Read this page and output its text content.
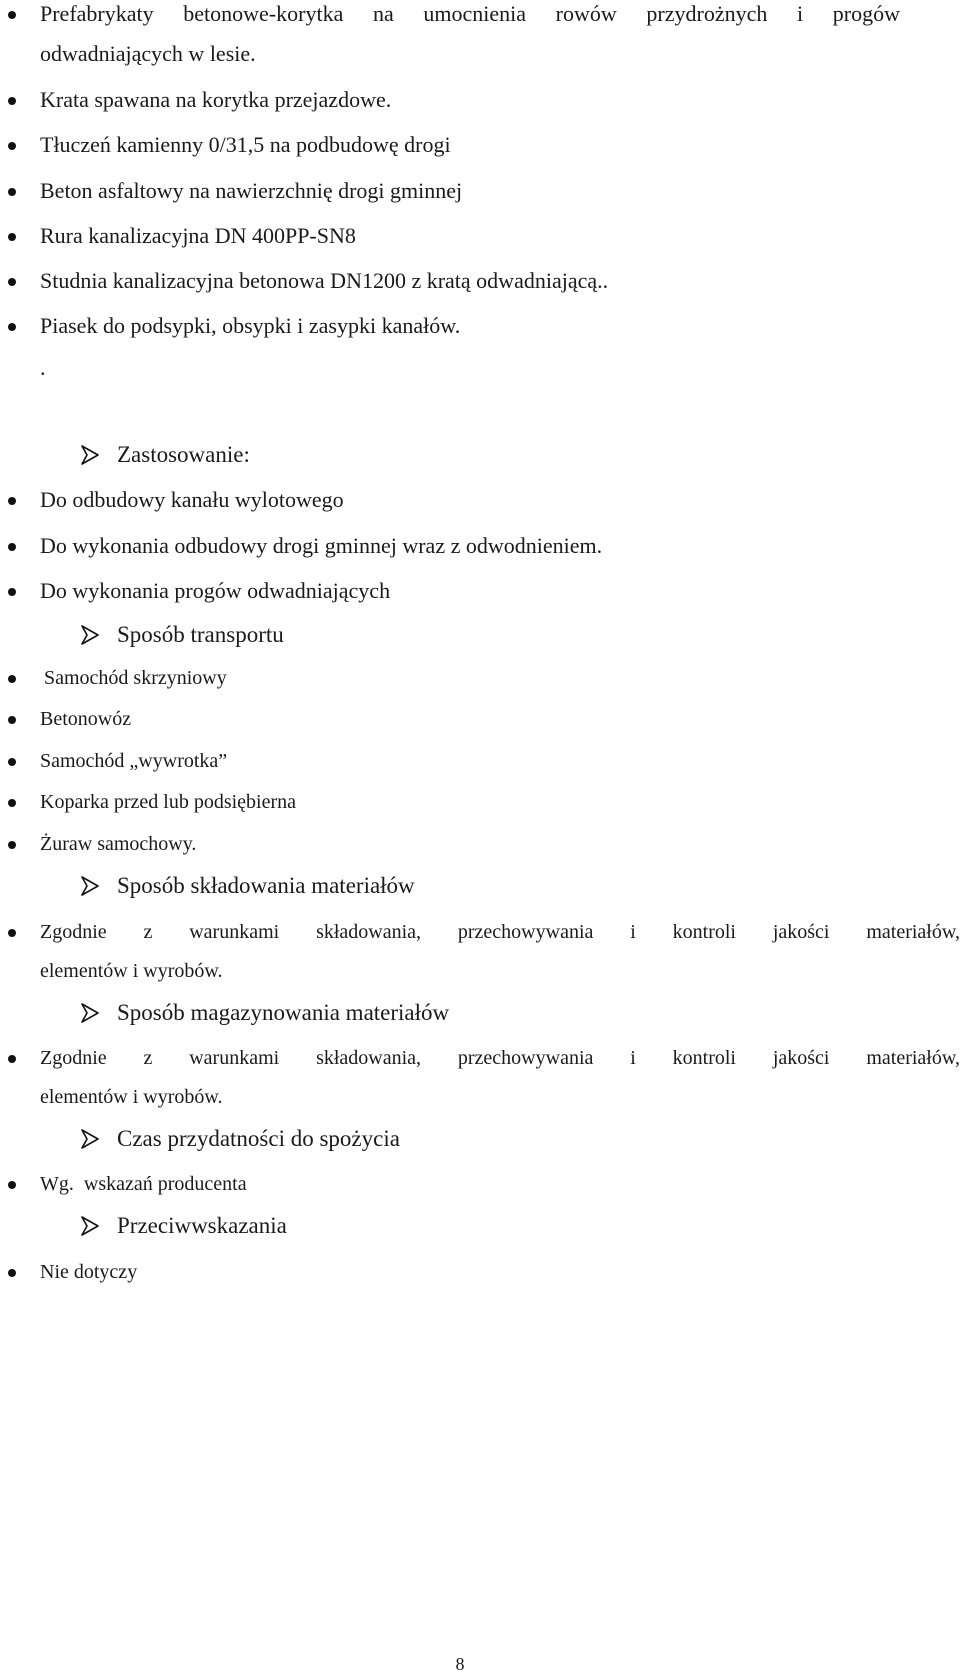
Prefabrykaty betonowe-korytka na umocnienia rowów przydrożnych i progów
odwadniających w lesie.
Krata spawana na korytka przejazdowe.
Tłuczeń kamienny 0/31,5 na podbudowę drogi
Beton asfaltowy na nawierzchnię drogi gminnej
Rura kanalizacyjna DN 400PP-SN8
Studnia kanalizacyjna betonowa DN1200 z kratą odwadniającą..
Piasek do podsypki, obsypki i zasypki kanałów.
.
Zastosowanie:
Do odbudowy kanału wylotowego
Do wykonania odbudowy drogi gminnej wraz z odwodnieniem.
Do wykonania progów odwadniających
Sposób transportu
Samochód skrzyniowy
Betonowóz
Samochód „wywrotka”
Koparka przed lub podsiębierna
Żuraw samochowy.
Sposób składowania materiałów
Zgodnie z warunkami składowania, przechowywania i kontroli jakości materiałów,
elementów i wyrobów.
Sposób magazynowania materiałów
Zgodnie z warunkami składowania, przechowywania i kontroli jakości materiałów,
elementów i wyrobów.
Czas przydatności do spożycia
Wg.  wskazań producenta
Przeciwwskazania
Nie dotyczy
8
